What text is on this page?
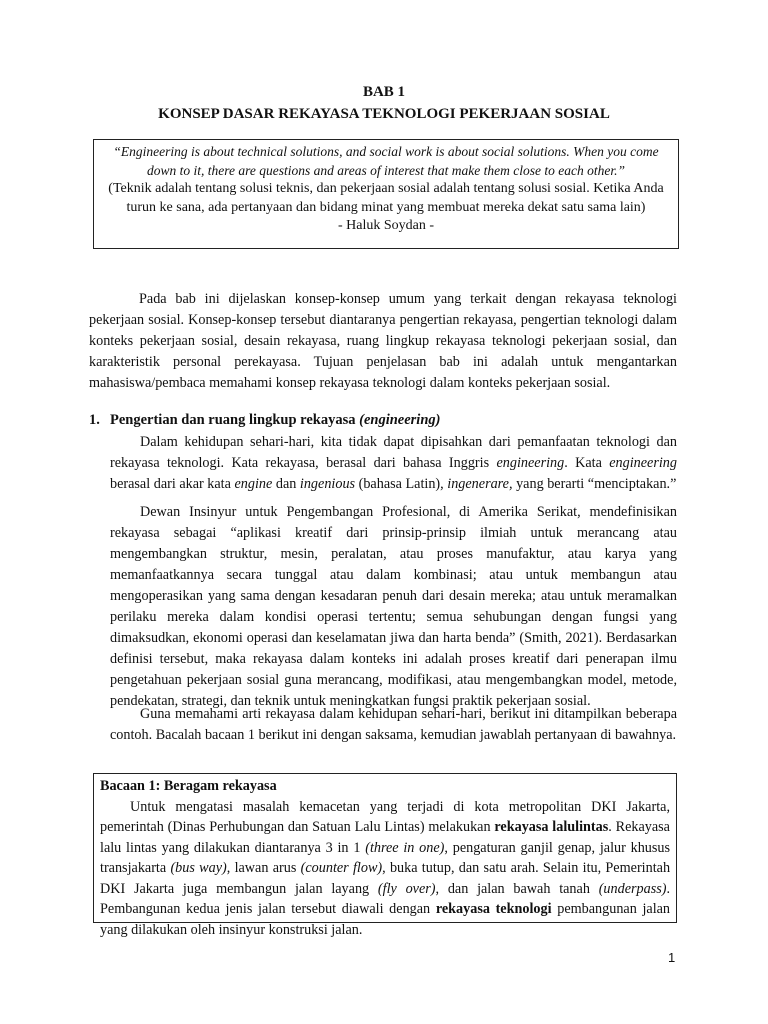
BAB 1
KONSEP DASAR REKAYASA TEKNOLOGI PEKERJAAN SOSIAL
“Engineering is about technical solutions, and social work is about social solutions. When you come down to it, there are questions and areas of interest that make them close to each other.”
(Teknik adalah tentang solusi teknis, dan pekerjaan sosial adalah tentang solusi sosial. Ketika Anda turun ke sana, ada pertanyaan dan bidang minat yang membuat mereka dekat satu sama lain)
- Haluk Soydan -
Pada bab ini dijelaskan konsep-konsep umum yang terkait dengan rekayasa teknologi pekerjaan sosial. Konsep-konsep tersebut diantaranya pengertian rekayasa, pengertian teknologi dalam konteks pekerjaan sosial, desain rekayasa, ruang lingkup rekayasa teknologi pekerjaan sosial, dan karakteristik personal perekayasa. Tujuan penjelasan bab ini adalah untuk mengantarkan mahasiswa/pembaca memahami konsep rekayasa teknologi dalam konteks pekerjaan sosial.
1. Pengertian dan ruang lingkup rekayasa (engineering)
Dalam kehidupan sehari-hari, kita tidak dapat dipisahkan dari pemanfaatan teknologi dan rekayasa teknologi. Kata rekayasa, berasal dari bahasa Inggris engineering. Kata engineering berasal dari akar kata engine dan ingenious (bahasa Latin), ingenerare, yang berarti “menciptakan.”
Dewan Insinyur untuk Pengembangan Profesional, di Amerika Serikat, mendefinisikan rekayasa sebagai “aplikasi kreatif dari prinsip-prinsip ilmiah untuk merancang atau mengembangkan struktur, mesin, peralatan, atau proses manufaktur, atau karya yang memanfaatkannya secara tunggal atau dalam kombinasi; atau untuk membangun atau mengoperasikan yang sama dengan kesadaran penuh dari desain mereka; atau untuk meramalkan perilaku mereka dalam kondisi operasi tertentu; semua sehubungan dengan fungsi yang dimaksudkan, ekonomi operasi dan keselamatan jiwa dan harta benda” (Smith, 2021). Berdasarkan definisi tersebut, maka rekayasa dalam konteks ini adalah proses kreatif dari penerapan ilmu pengetahuan pekerjaan sosial guna merancang, modifikasi, atau mengembangkan model, metode, pendekatan, strategi, dan teknik untuk meningkatkan fungsi praktik pekerjaan sosial.
Guna memahami arti rekayasa dalam kehidupan sehari-hari, berikut ini ditampilkan beberapa contoh. Bacalah bacaan 1 berikut ini dengan saksama, kemudian jawablah pertanyaan di bawahnya.
Bacaan 1: Beragam rekayasa
Untuk mengatasi masalah kemacetan yang terjadi di kota metropolitan DKI Jakarta, pemerintah (Dinas Perhubungan dan Satuan Lalu Lintas) melakukan rekayasa lalulintas. Rekayasa lalu lintas yang dilakukan diantaranya 3 in 1 (three in one), pengaturan ganjil genap, jalur khusus transjakarta (bus way), lawan arus (counter flow), buka tutup, dan satu arah. Selain itu, Pemerintah DKI Jakarta juga membangun jalan layang (fly over), dan jalan bawah tanah (underpass). Pembangunan kedua jenis jalan tersebut diawali dengan rekayasa teknologi pembangunan jalan yang dilakukan oleh insinyur konstruksi jalan.
1
